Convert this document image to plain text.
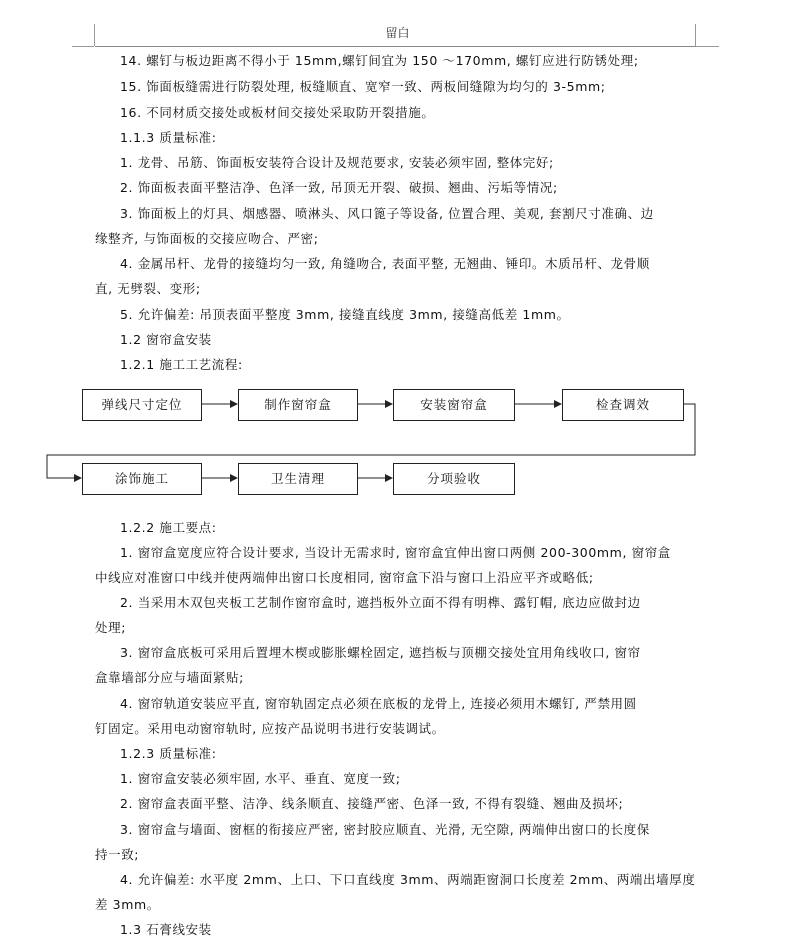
留白
14. 螺钉与板边距离不得小于 15mm,螺钉间宜为 150 ～170mm, 螺钉应进行防锈处理;
15. 饰面板缝需进行防裂处理, 板缝顺直、宽窄一致、两板间缝隙为均匀的 3-5mm;
16. 不同材质交接处或板材间交接处采取防开裂措施。
1.1.3 质量标准:
1. 龙骨、吊筋、饰面板安装符合设计及规范要求, 安装必须牢固, 整体完好;
2. 饰面板表面平整洁净、色泽一致, 吊顶无开裂、破损、翘曲、污垢等情况;
3. 饰面板上的灯具、烟感器、喷淋头、风口篦子等设备, 位置合理、美观, 套割尺寸准确、边
缘整齐, 与饰面板的交接应吻合、严密;
4. 金属吊杆、龙骨的接缝均匀一致, 角缝吻合, 表面平整, 无翘曲、锤印。木质吊杆、龙骨顺
直, 无劈裂、变形;
5. 允许偏差: 吊顶表面平整度 3mm, 接缝直线度 3mm, 接缝高低差 1mm。
1.2 窗帘盒安装
1.2.1 施工工艺流程:
1.2.2 施工要点:
1. 窗帘盒宽度应符合设计要求, 当设计无需求时, 窗帘盒宜伸出窗口两侧 200-300mm, 窗帘盒
中线应对准窗口中线并使两端伸出窗口长度相同, 窗帘盒下沿与窗口上沿应平齐或略低;
2. 当采用木双包夹板工艺制作窗帘盒时, 遮挡板外立面不得有明榫、露钉帽, 底边应做封边
处理;
3. 窗帘盒底板可采用后置埋木楔或膨胀螺栓固定, 遮挡板与顶棚交接处宜用角线收口, 窗帘
盒靠墙部分应与墙面紧贴;
4. 窗帘轨道安装应平直, 窗帘轨固定点必须在底板的龙骨上, 连接必须用木螺钉, 严禁用圆
钉固定。采用电动窗帘轨时, 应按产品说明书进行安装调试。
1.2.3 质量标准:
1. 窗帘盒安装必须牢固, 水平、垂直、宽度一致;
2. 窗帘盒表面平整、洁净、线条顺直、接缝严密、色泽一致, 不得有裂缝、翘曲及损坏;
3. 窗帘盒与墙面、窗框的衔接应严密, 密封胶应顺直、光滑, 无空隙, 两端伸出窗口的长度保
持一致;
4. 允许偏差: 水平度 2mm、上口、下口直线度 3mm、两端距窗洞口长度差 2mm、两端出墙厚度
差 3mm。
1.3 石膏线安装
弹线尺寸定位	制作窗帘盒	安装窗帘盒	检查调效
涂饰施工	卫生清理	分项验收
